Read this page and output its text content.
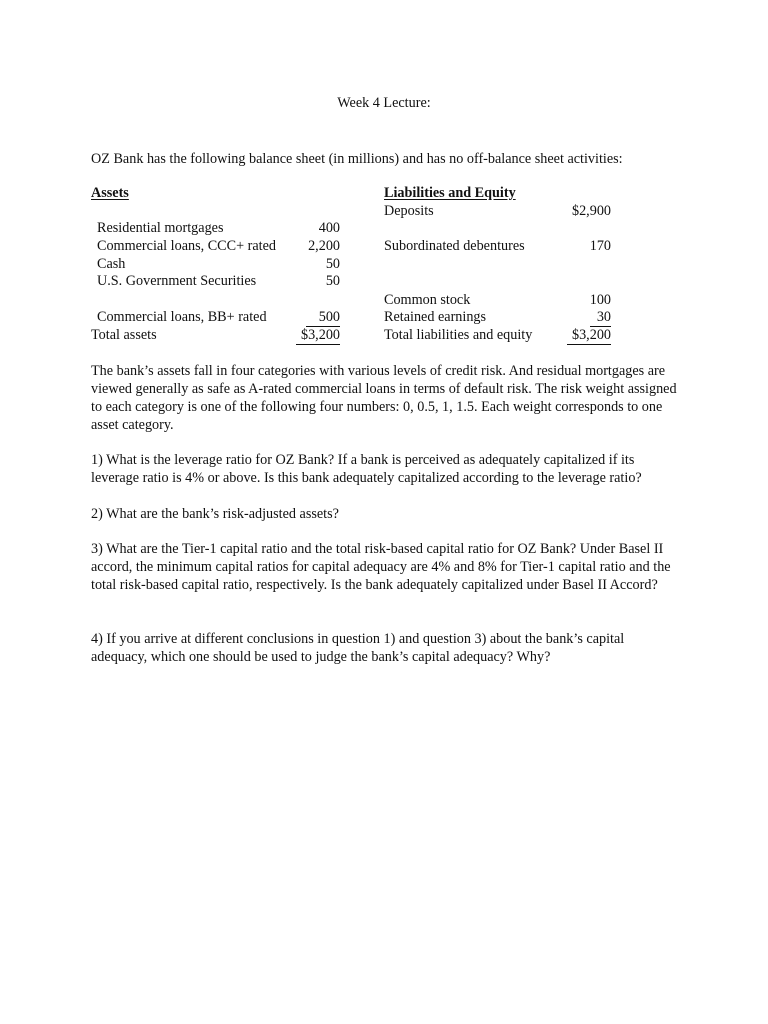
Week 4 Lecture:
OZ Bank has the following balance sheet (in millions) and has no off-balance sheet activities:
Assets
Residential mortgages	400
Commercial loans, CCC+ rated	2,200
Cash	50
U.S. Government Securities	50
Commercial loans, BB+ rated	500
Total assets	$3,200
Liabilities and Equity
Deposits	$2,900
Subordinated debentures	170
Common stock	100
Retained earnings	30
Total liabilities and equity	$3,200
The bank’s assets fall in four categories with various levels of credit risk. And residual mortgages are viewed generally as safe as A-rated commercial loans in terms of default risk. The risk weight assigned to each category is one of the following four numbers: 0, 0.5, 1, 1.5. Each weight corresponds to one asset category.
1) What is the leverage ratio for OZ Bank? If a bank is perceived as adequately capitalized if its leverage ratio is 4% or above. Is this bank adequately capitalized according to the leverage ratio?
2) What are the bank’s risk-adjusted assets?
3) What are the Tier-1 capital ratio and the total risk-based capital ratio for OZ Bank? Under Basel II accord, the minimum capital ratios for capital adequacy are 4% and 8% for Tier-1 capital ratio and the total risk-based capital ratio, respectively. Is the bank adequately capitalized under Basel II Accord?
4) If you arrive at different conclusions in question 1) and question 3) about the bank’s capital adequacy, which one should be used to judge the bank’s capital adequacy? Why?
